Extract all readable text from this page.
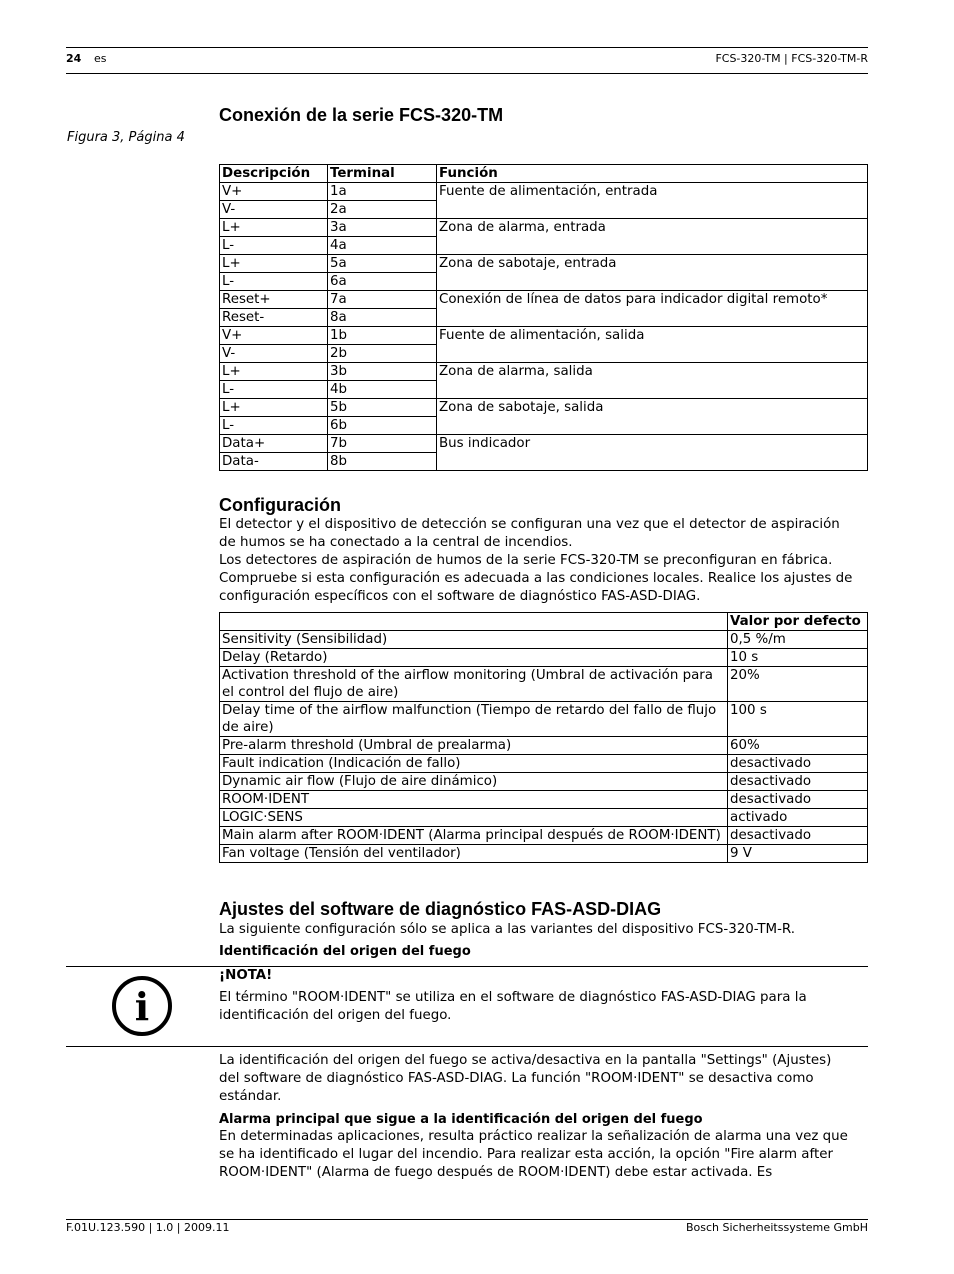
24 es	FCS-320-TM | FCS-320-TM-R
Conexión de la serie FCS-320-TM
Figura 3, Página 4
Descripción	Terminal	Función
V+	1a	Fuente de alimentación, entrada
V-	2a	
L+	3a	Zona de alarma, entrada
L-	4a	
L+	5a	Zona de sabotaje, entrada
L-	6a	
Reset+	7a	Conexión de línea de datos para indicador digital remoto*
Reset-	8a	
V+	1b	Fuente de alimentación, salida
V-	2b	
L+	3b	Zona de alarma, salida
L-	4b	
L+	5b	Zona de sabotaje, salida
L-	6b	
Data+	7b	Bus indicador
Data-	8b	
Configuración
El detector y el dispositivo de detección se configuran una vez que el detector de aspiración
de humos se ha conectado a la central de incendios.
Los detectores de aspiración de humos de la serie FCS-320-TM se preconfiguran en fábrica.
Compruebe si esta configuración es adecuada a las condiciones locales. Realice los ajustes de
configuración específicos con el software de diagnóstico FAS-ASD-DIAG.
	Valor por defecto
Sensitivity (Sensibilidad)	0,5 %/m
Delay (Retardo)	10 s
Activation threshold of the airflow monitoring (Umbral de activación para el control del flujo de aire)	20%
Delay time of the airflow malfunction (Tiempo de retardo del fallo de flujo de aire)	100 s
Pre-alarm threshold (Umbral de prealarma)	60%
Fault indication (Indicación de fallo)	desactivado
Dynamic air flow (Flujo de aire dinámico)	desactivado
ROOM·IDENT	desactivado
LOGIC·SENS	activado
Main alarm after ROOM·IDENT (Alarma principal después de ROOM·IDENT)	desactivado
Fan voltage (Tensión del ventilador)	9 V
Ajustes del software de diagnóstico FAS-ASD-DIAG
La siguiente configuración sólo se aplica a las variantes del dispositivo FCS-320-TM-R.
Identificación del origen del fuego
i
¡NOTA!
El término "ROOM·IDENT" se utiliza en el software de diagnóstico FAS-ASD-DIAG para la
identificación del origen del fuego.
La identificación del origen del fuego se activa/desactiva en la pantalla "Settings" (Ajustes)
del software de diagnóstico FAS-ASD-DIAG. La función "ROOM·IDENT" se desactiva como
estándar.
Alarma principal que sigue a la identificación del origen del fuego
En determinadas aplicaciones, resulta práctico realizar la señalización de alarma una vez que
se ha identificado el lugar del incendio. Para realizar esta acción, la opción "Fire alarm after
ROOM·IDENT" (Alarma de fuego después de ROOM·IDENT) debe estar activada. Es
F.01U.123.590 | 1.0 | 2009.11	Bosch Sicherheitssysteme GmbH
